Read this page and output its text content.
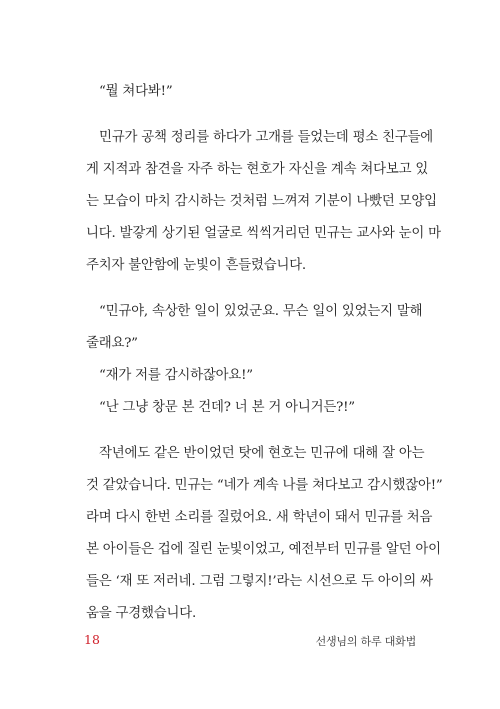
“뭘 쳐다봐!”
민규가 공책 정리를 하다가 고개를 들었는데 평소 친구들에
게 지적과 참견을 자주 하는 현호가 자신을 계속 쳐다보고 있
는 모습이 마치 감시하는 것처럼 느껴져 기분이 나빴던 모양입
니다. 발갛게 상기된 얼굴로 씩씩거리던 민규는 교사와 눈이 마
주치자 불안함에 눈빛이 흔들렸습니다.
“민규야, 속상한 일이 있었군요. 무슨 일이 있었는지 말해
줄래요?”
“재가 저를 감시하잖아요!”
“난 그냥 창문 본 건데? 너 본 거 아니거든?!”
작년에도 같은 반이었던 탓에 현호는 민규에 대해 잘 아는
것 같았습니다. 민규는 “네가 계속 나를 쳐다보고 감시했잖아!”
라며 다시 한번 소리를 질렀어요. 새 학년이 돼서 민규를 처음
본 아이들은 겁에 질린 눈빛이었고, 예전부터 민규를 알던 아이
들은 ‘재 또 저러네. 그럼 그렇지!’라는 시선으로 두 아이의 싸
움을 구경했습니다.
18	선생님의 하루 대화법
